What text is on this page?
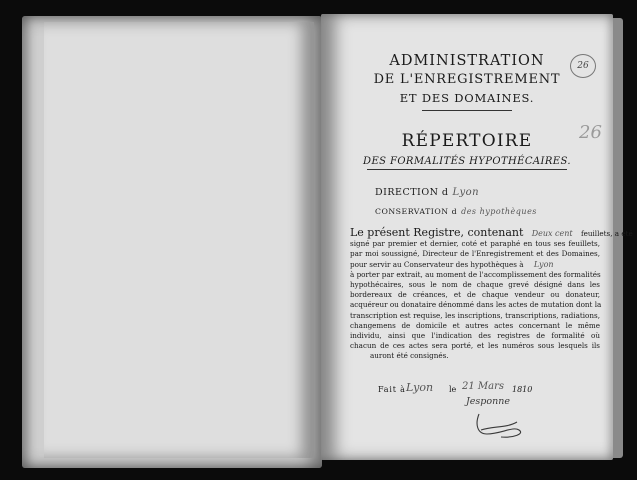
26
ADMINISTRATION
DE L'ENREGISTREMENT
ET DES DOMAINES.
RÉPERTOIRE	26
DES FORMALITÉS HYPOTHÉCAIRES.
DIRECTION d Lyon
CONSERVATION d des hypothèques
Le présent Registre, contenant Deux cent feuillets, a été
signé par premier et dernier, coté et paraphé en tous ses feuillets,
par moi soussigné, Directeur de l'Enregistrement et des Domaines,
pour servir au Conservateur des hypothèques à Lyon
à porter par extrait, au moment de l'accomplissement des formalités
hypothécaires, sous le nom de chaque grevé désigné dans les
bordereaux de créances, et de chaque vendeur ou donateur,
acquéreur ou donataire dénommé dans les actes de mutation dont la
transcription est requise, les inscriptions, transcriptions, radiations,
changemens de domicile et autres actes concernant le même
individu, ainsi que l'indication des registres de formalité où
chacun de ces actes sera porté, et les numéros sous lesquels ils
auront été consignés.
Fait à Lyon le 21 Mars 1810
Jesponne
